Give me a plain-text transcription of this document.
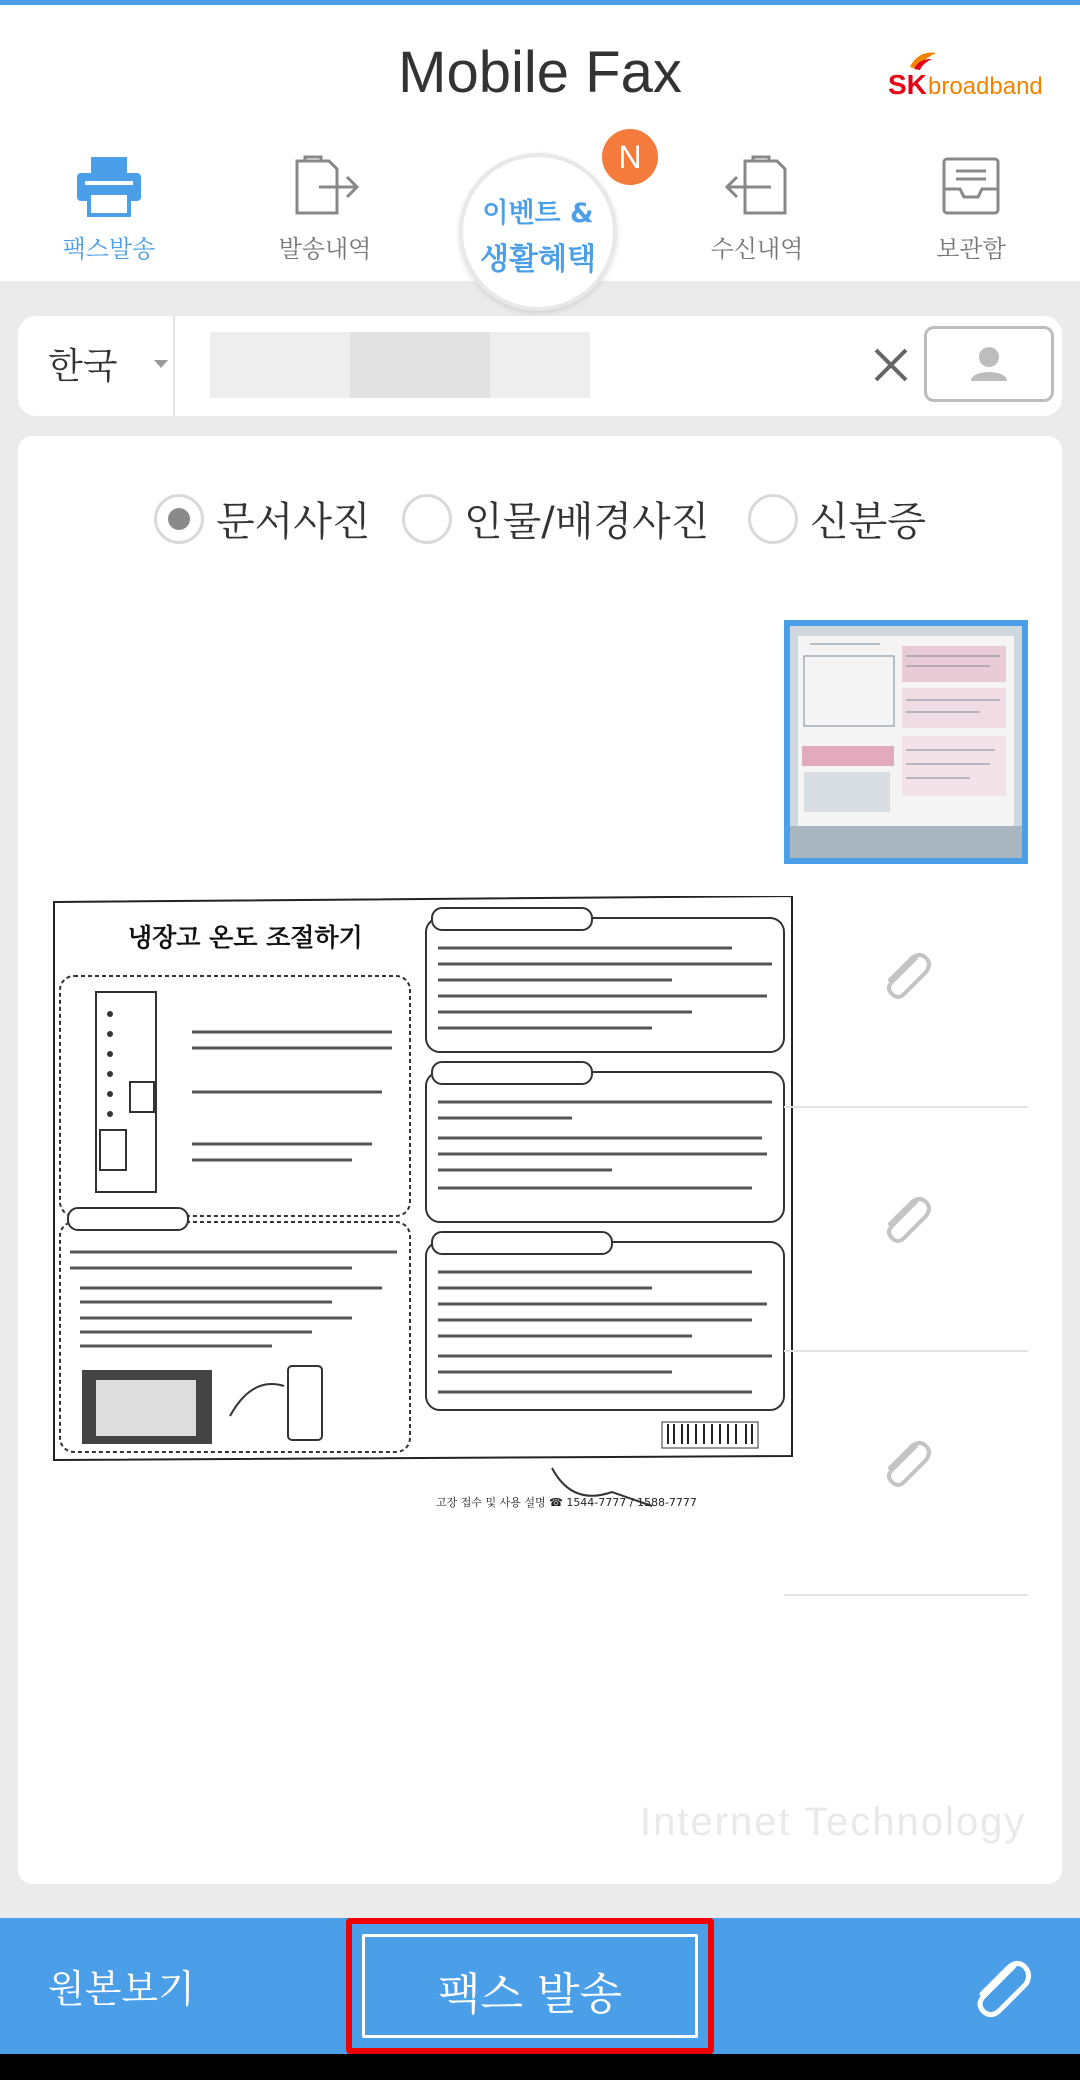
Mobile Fax	SK broadband
팩스발송	발송내역
이벤트 &
생활혜택
N
수신내역	보관함
한국
문서사진 인물/배경사진	신분증
냉장고 온도 조절하기
고장 접수 및 사용 설명 ☎ 1544-7777 / 1588-7777
Internet Technology
원본보기	팩스 발송
